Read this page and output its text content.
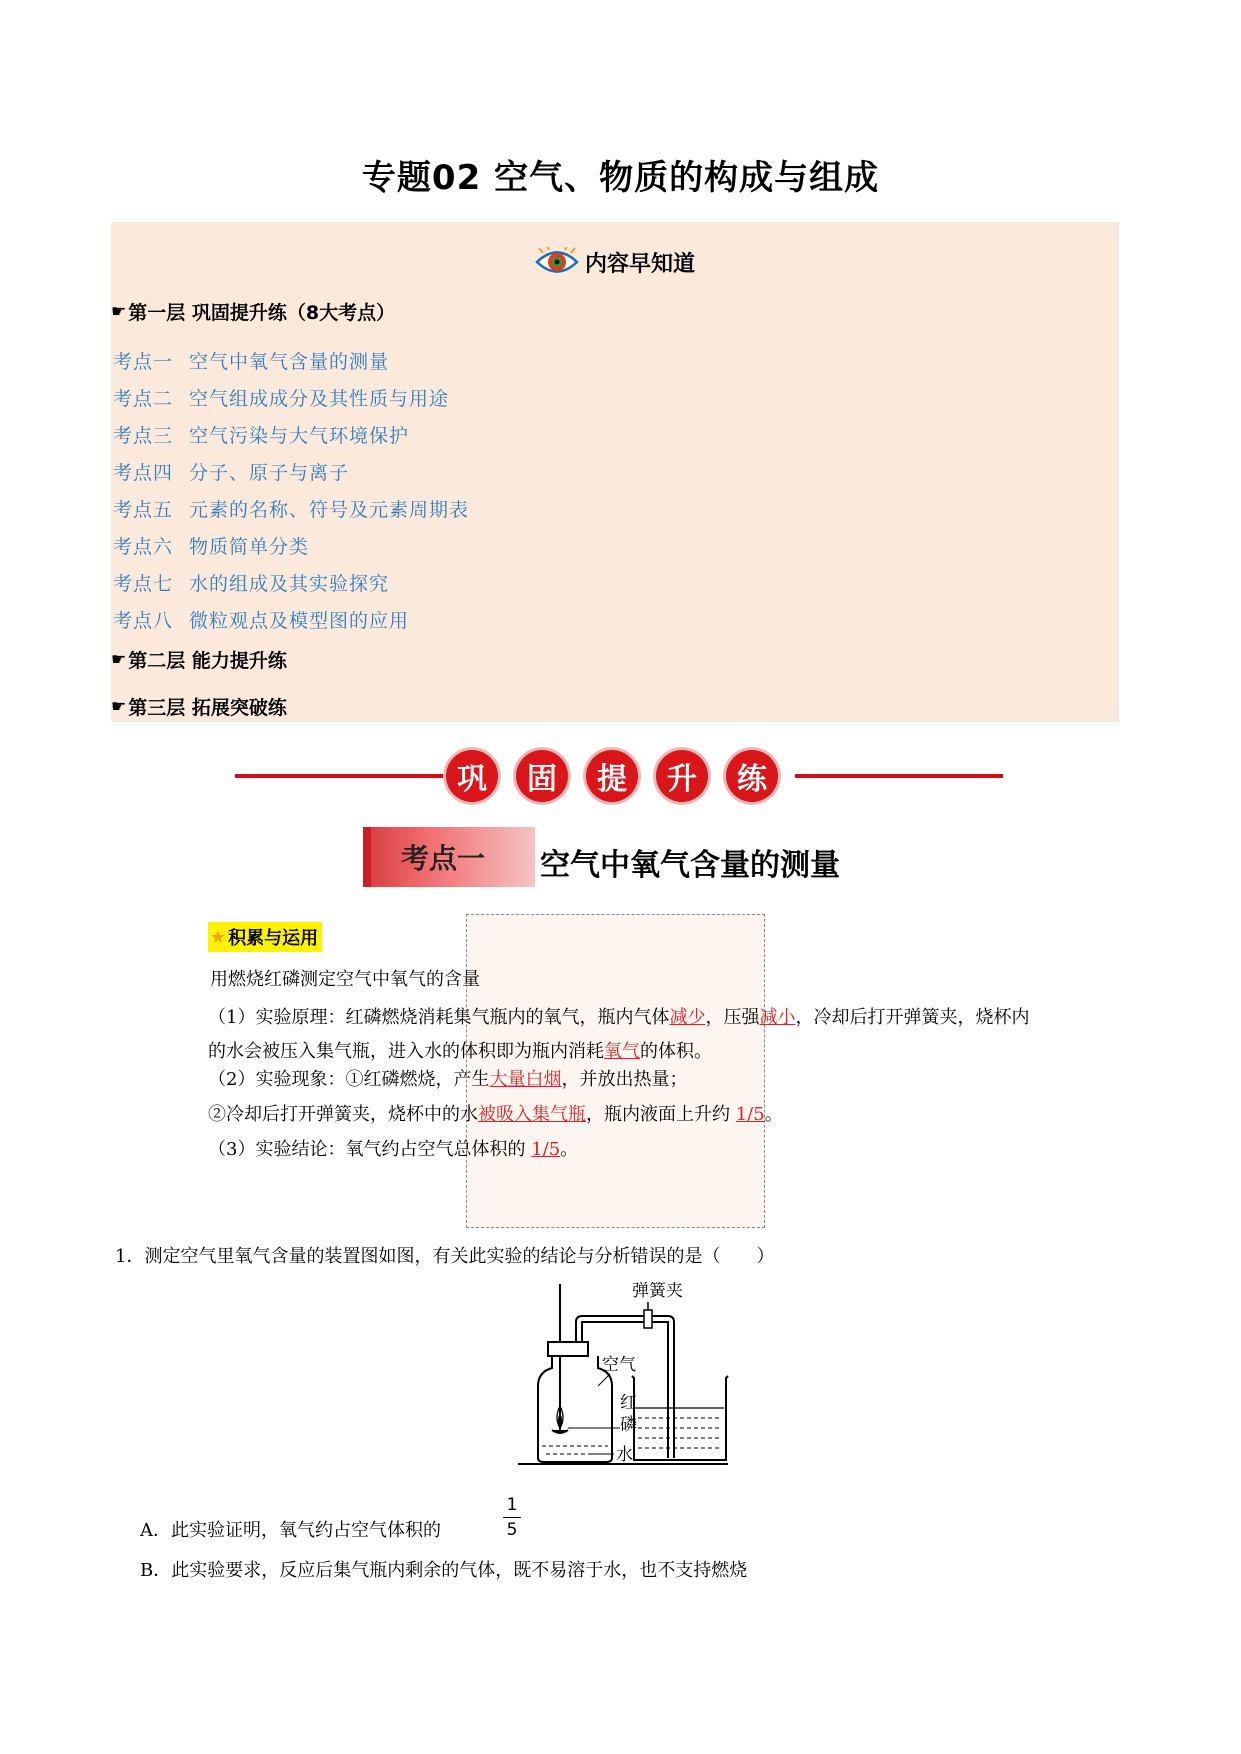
专题02 空气、物质的构成与组成
内容早知道
☛ 第一层 巩固提升练（8大考点）
考点一 空气中氧气含量的测量
考点二 空气组成成分及其性质与用途
考点三 空气污染与大气环境保护
考点四 分子、原子与离子
考点五 元素的名称、符号及元素周期表
考点六 物质简单分类
考点七 水的组成及其实验探究
考点八 微粒观点及模型图的应用
☛ 第二层 能力提升练
☛ 第三层 拓展突破练
巩	固	提	升	练
考点一 空气中氧气含量的测量
★ 积累与运用
用燃烧红磷测定空气中氧气的含量
（1）实验原理：红磷燃烧消耗集气瓶内的氧气，瓶内气体减少，压强减小，冷却后打开弹簧夹，烧杯内
的水会被压入集气瓶，进入水的体积即为瓶内消耗氧气的体积。
（2）实验现象：①红磷燃烧，产生大量白烟，并放出热量；
②冷却后打开弹簧夹，烧杯中的水被吸入集气瓶，瓶内液面上升约 1/5。
（3）实验结论：氧气约占空气总体积的 1/5。
1．测定空气里氧气含量的装置图如图，有关此实验的结论与分析错误的是（　　）
弹簧夹
空气
红
磷
水
A．此实验证明，氧气约占空气体积的
1
5
B．此实验要求，反应后集气瓶内剩余的气体，既不易溶于水，也不支持燃烧
